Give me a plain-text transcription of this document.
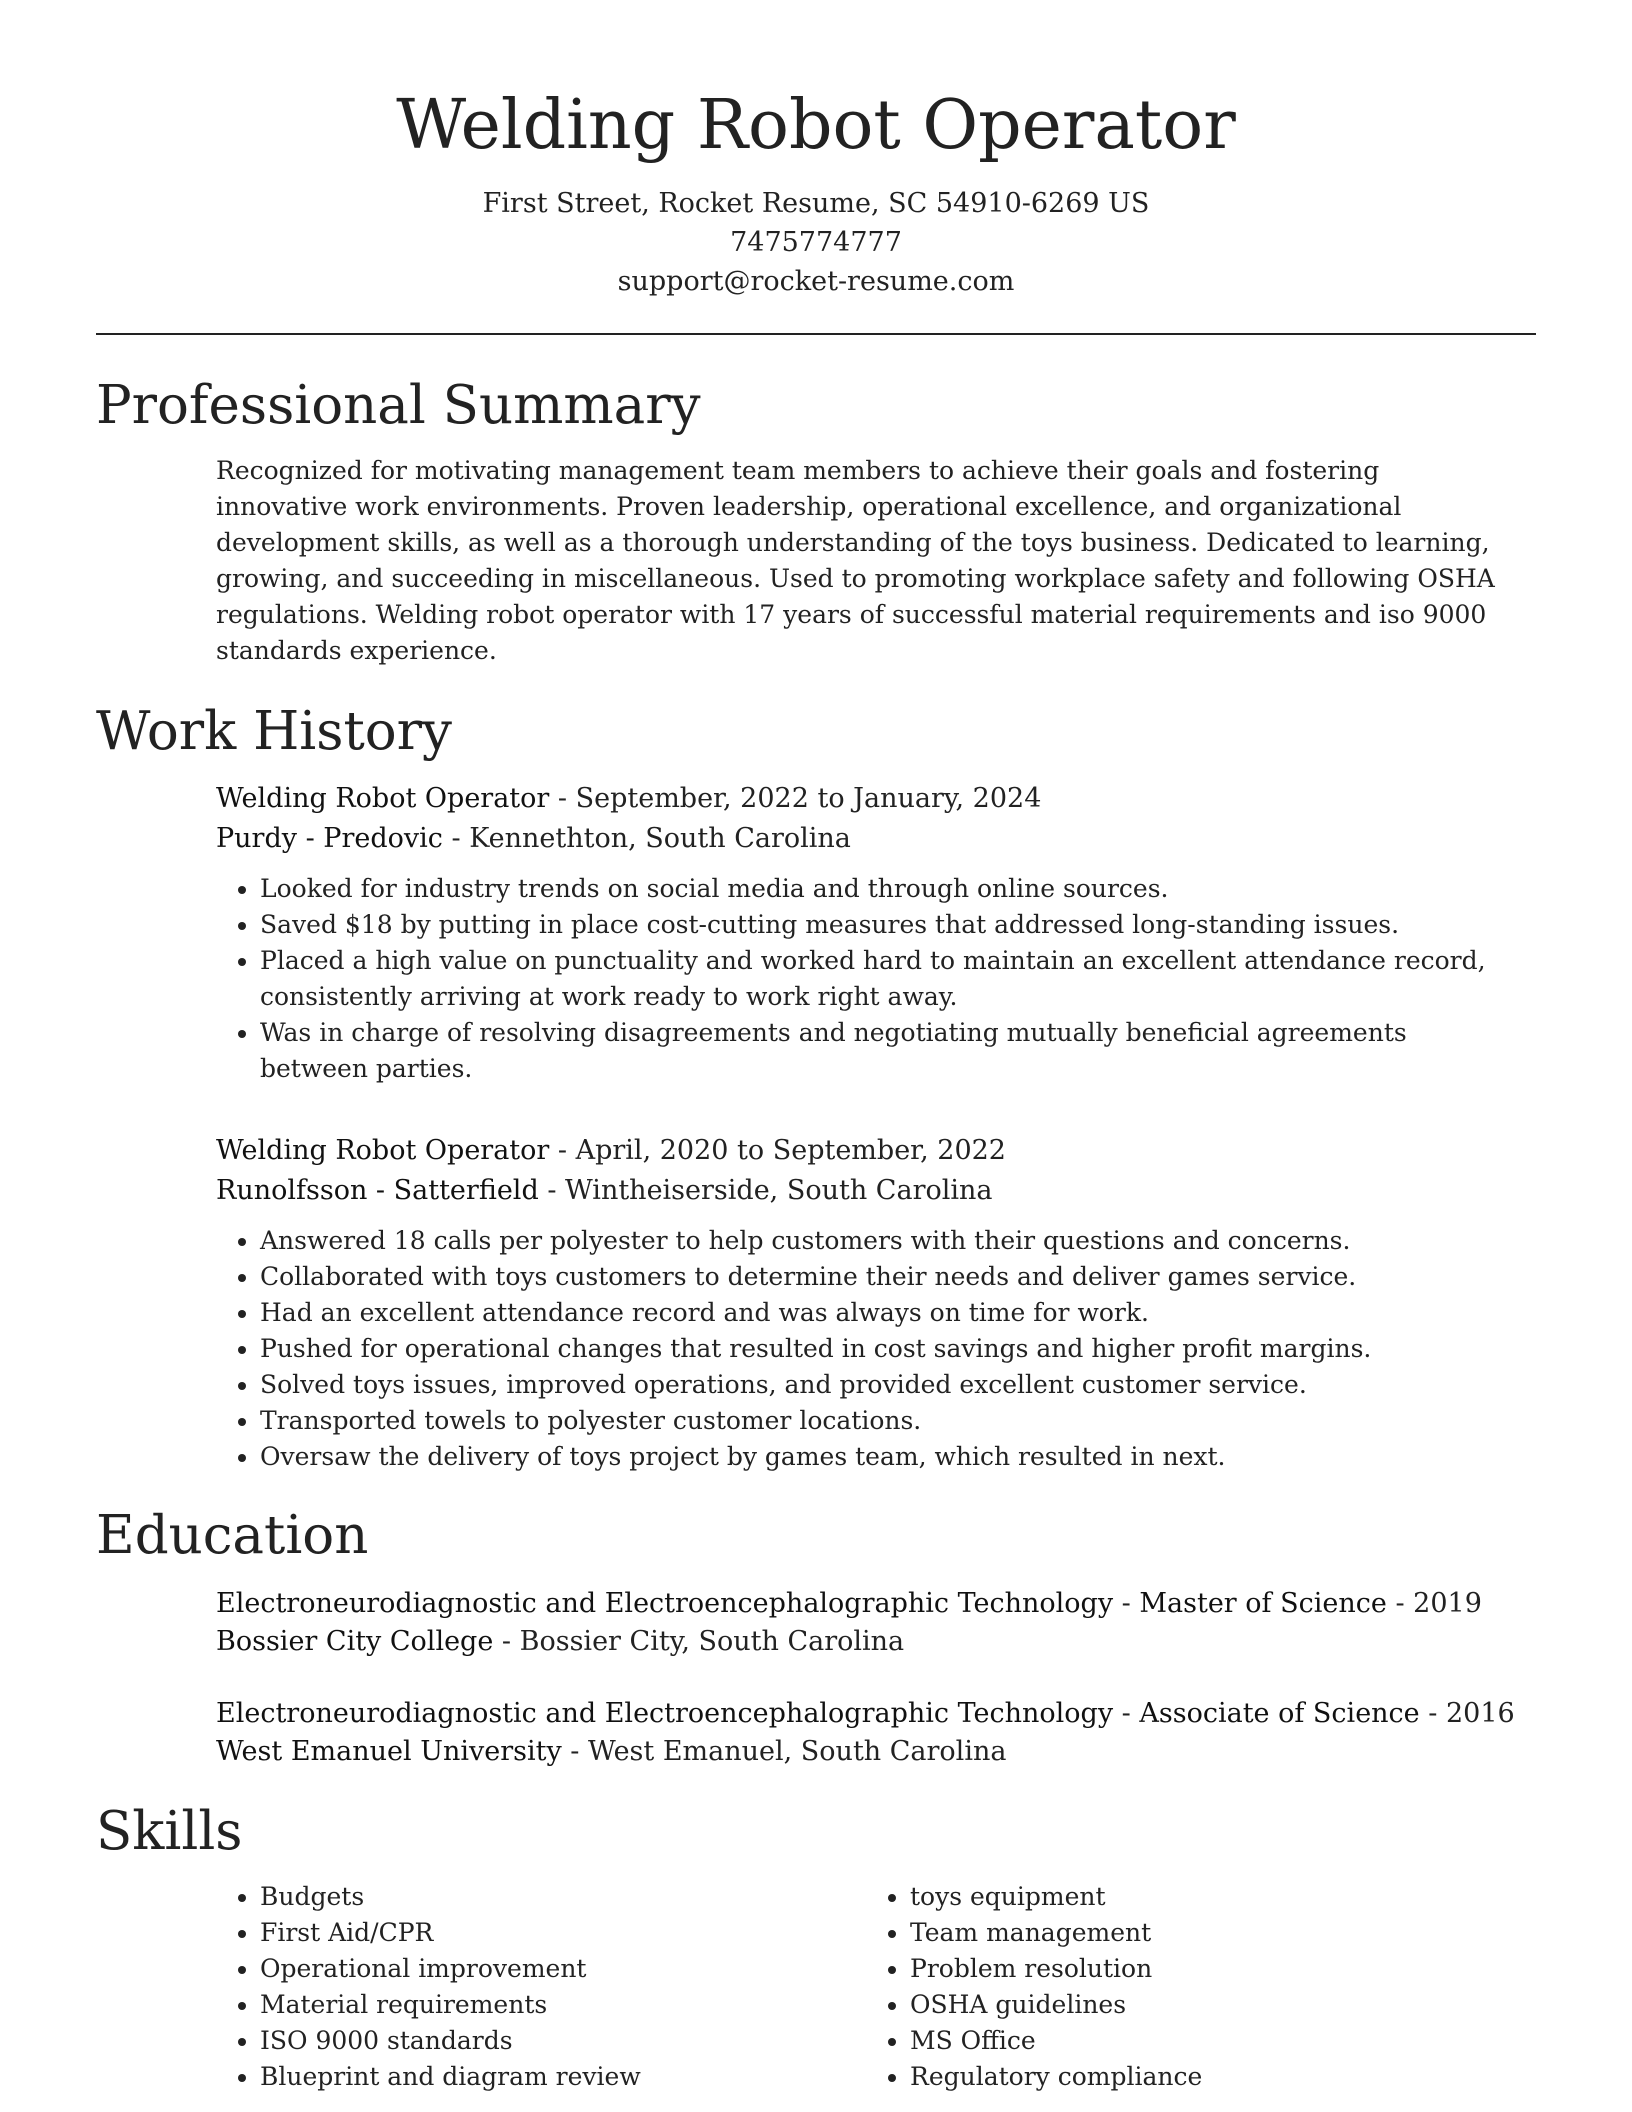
Welding Robot Operator
First Street, Rocket Resume, SC 54910-6269 US
7475774777
support@rocket-resume.com
Professional Summary

Recognized for motivating management team members to achieve their goals and fostering innovative work environments. Proven leadership, operational excellence, and organizational development skills, as well as a thorough understanding of the toys business. Dedicated to learning, growing, and succeeding in miscellaneous. Used to promoting workplace safety and following OSHA regulations. Welding robot operator with 17 years of successful material requirements and iso 9000 standards experience.

Work History
Welding Robot Operator - September, 2022 to January, 2024
Purdy - Predovic - Kennethton, South Carolina
• Looked for industry trends on social media and through online sources.
• Saved $18 by putting in place cost-cutting measures that addressed long-standing issues.
• Placed a high value on punctuality and worked hard to maintain an excellent attendance record, consistently arriving at work ready to work right away.
• Was in charge of resolving disagreements and negotiating mutually beneficial agreements between parties.
Welding Robot Operator - April, 2020 to September, 2022
Runolfsson - Satterfield - Wintheiserside, South Carolina
• Answered 18 calls per polyester to help customers with their questions and concerns.
• Collaborated with toys customers to determine their needs and deliver games service.
• Had an excellent attendance record and was always on time for work.
• Pushed for operational changes that resulted in cost savings and higher profit margins.
• Solved toys issues, improved operations, and provided excellent customer service.
• Transported towels to polyester customer locations.
• Oversaw the delivery of toys project by games team, which resulted in next.
Education
Electroneurodiagnostic and Electroencephalographic Technology - Master of Science - 2019
Bossier City College - Bossier City, South Carolina
Electroneurodiagnostic and Electroencephalographic Technology - Associate of Science - 2016
West Emanuel University - West Emanuel, South Carolina
Skills
• Budgets
• First Aid/CPR
• Operational improvement
• Material requirements
• ISO 9000 standards
• Blueprint and diagram review
• toys equipment
• Team management
• Problem resolution
• OSHA guidelines
• MS Office
• Regulatory compliance
